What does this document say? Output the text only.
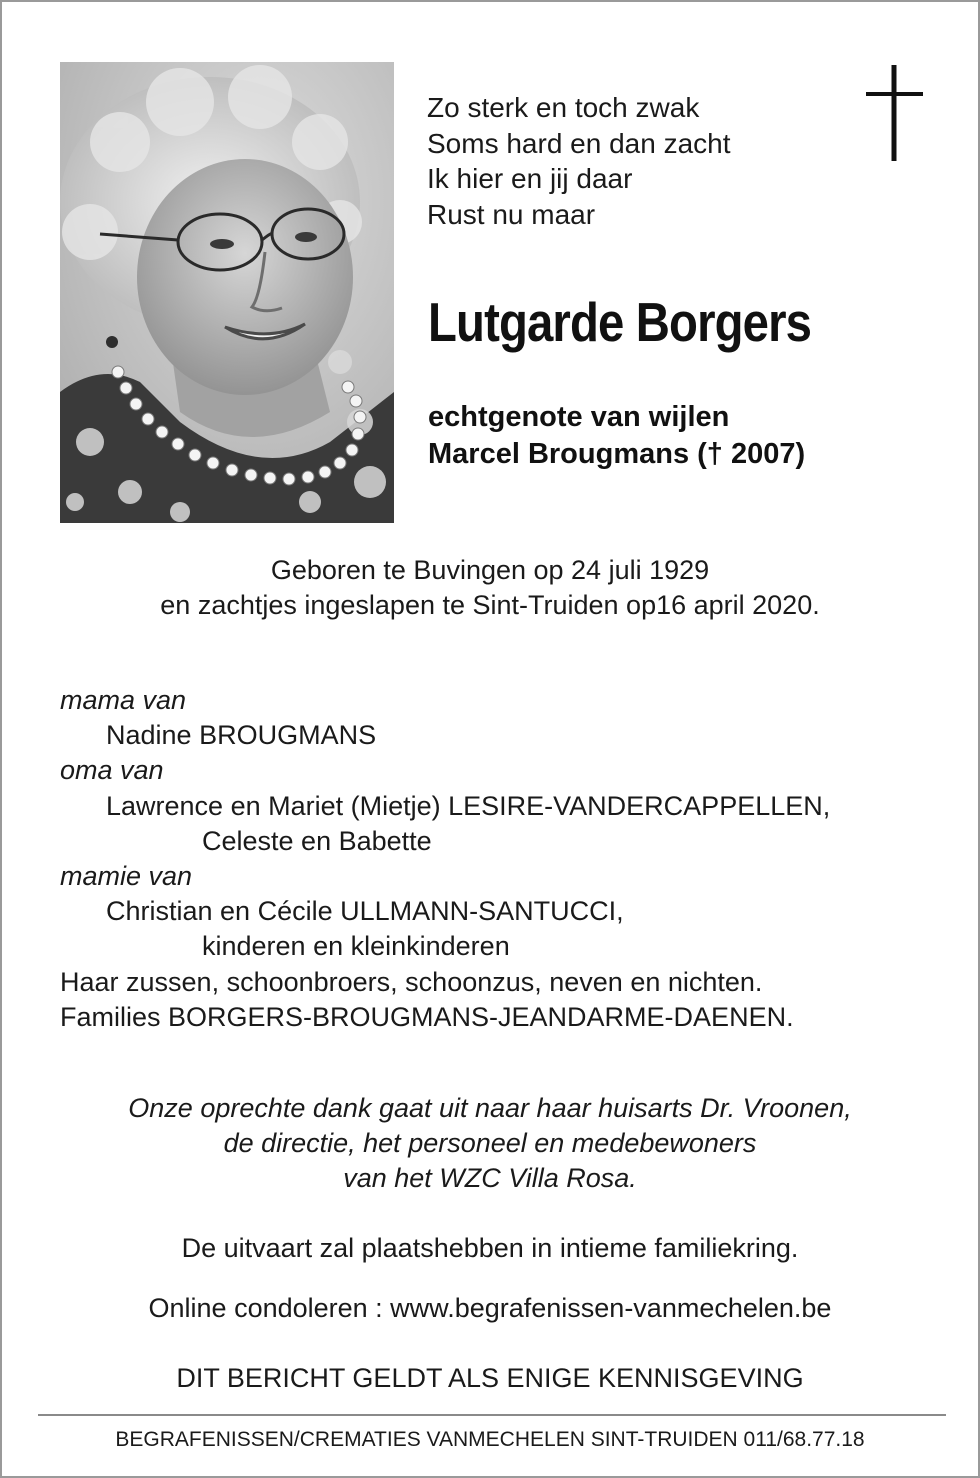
Zo sterk en toch zwak
Soms hard en dan zacht
Ik hier en jij daar
Rust nu maar
Lutgarde Borgers
echtgenote van wijlen
Marcel Brougmans († 2007)
Geboren te Buvingen op 24 juli 1929
en zachtjes ingeslapen te Sint-Truiden op16 april 2020.
mama van
Nadine BROUGMANS
oma van
Lawrence en Mariet (Mietje) LESIRE-VANDERCAPPELLEN,
Celeste en Babette
mamie van
Christian en Cécile ULLMANN-SANTUCCI,
kinderen en kleinkinderen
Haar zussen, schoonbroers, schoonzus, neven en nichten.
Families BORGERS-BROUGMANS-JEANDARME-DAENEN.
Onze oprechte dank gaat uit naar haar huisarts Dr. Vroonen,
de directie, het personeel en medebewoners
van het WZC Villa Rosa.
De uitvaart zal plaatshebben in intieme familiekring.
Online condoleren : www.begrafenissen-vanmechelen.be
DIT BERICHT GELDT ALS ENIGE KENNISGEVING
BEGRAFENISSEN/CREMATIES VANMECHELEN SINT-TRUIDEN 011/68.77.18
